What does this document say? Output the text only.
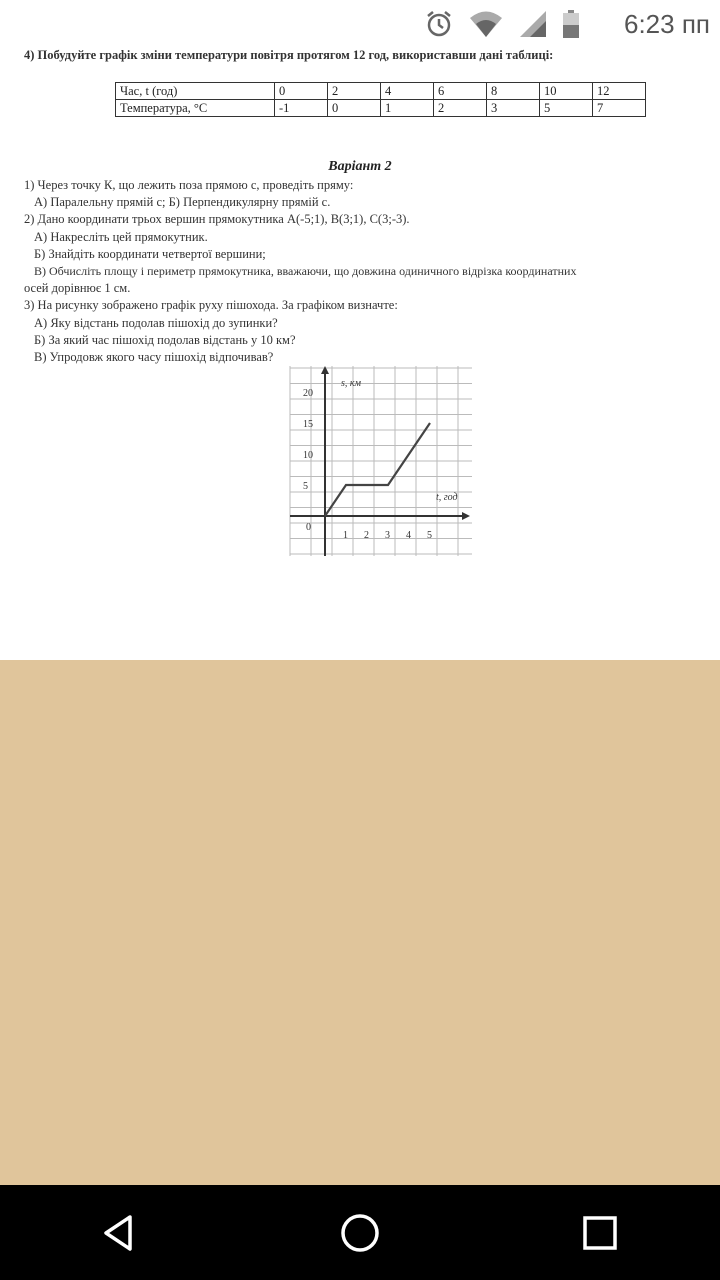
6:23 пп
4) Побудуйте графік зміни температури повітря протягом 12 год, використавши дані таблиці:
Час, t (год)	0	2	4	6	8	10	12
Температура, °С	-1	0	1	2	3	5	7
Варіант 2
1) Через точку К, що лежить поза прямою с, проведіть пряму:
А) Паралельну прямій с; Б) Перпендикулярну прямій с.
2) Дано координати трьох вершин прямокутника А(-5;1), В(3;1), С(3;-3).
А) Накресліть цей прямокутник.
Б) Знайдіть координати четвертої вершини;
В) Обчисліть площу і периметр прямокутника, вважаючи, що довжина одиничного відрізка координатних
осей дорівнює 1 см.
3) На рисунку зображено графік руху пішохода. За графіком визначте:
А) Яку відстань подолав пішохід до зупинки?
Б) За який час пішохід подолав відстань у 10 км?
В) Упродовж якого часу пішохід відпочивав?
s, км
t, год
0
1 2 3 4 5
5
10
15
20
